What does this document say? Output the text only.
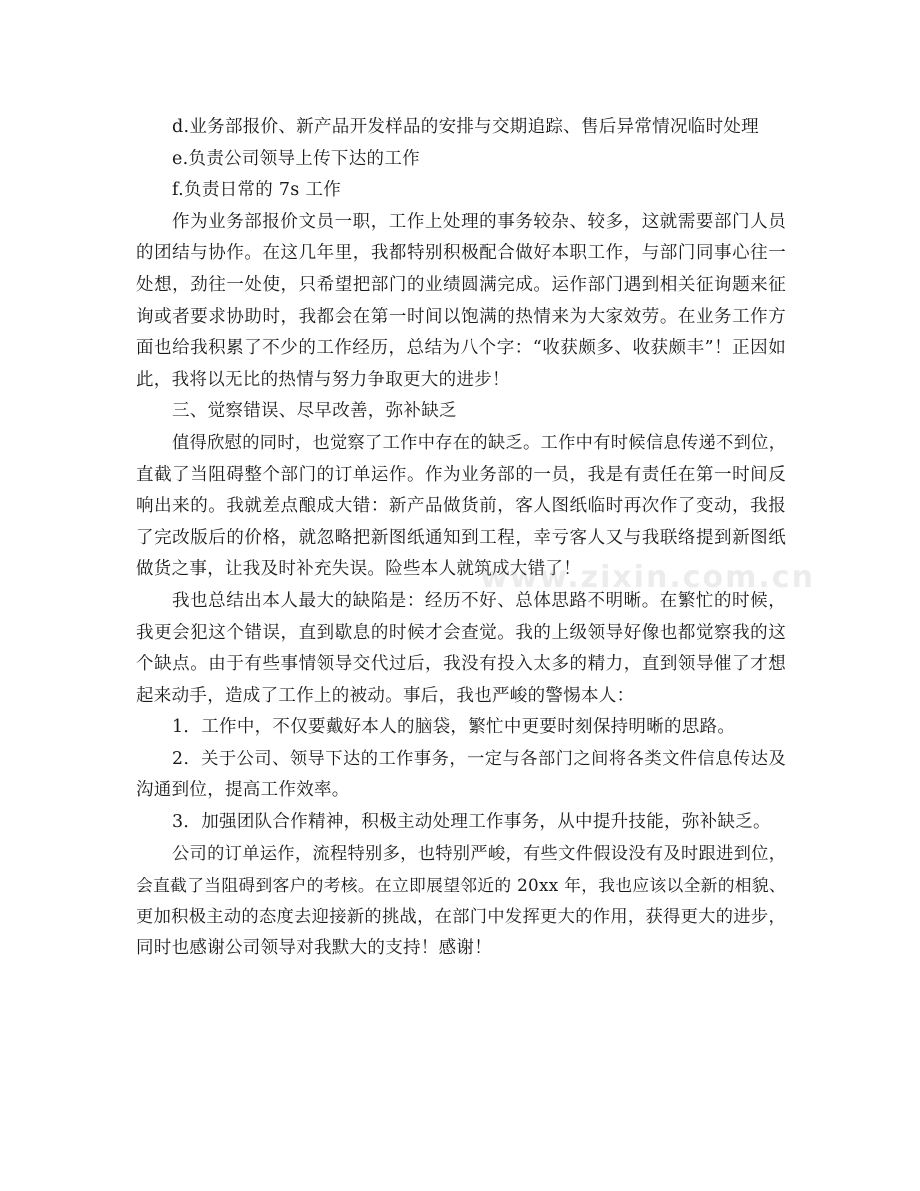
d.业务部报价、新产品开发样品的安排与交期追踪、售后异常情况临时处理
e.负责公司领导上传下达的工作
f.负责日常的 7s 工作
作为业务部报价文员一职，工作上处理的事务较杂、较多，这就需要部门人员
的团结与协作。在这几年里，我都特别积极配合做好本职工作，与部门同事心往一
处想，劲往一处使，只希望把部门的业绩圆满完成。运作部门遇到相关征询题来征
询或者要求协助时，我都会在第一时间以饱满的热情来为大家效劳。在业务工作方
面也给我积累了不少的工作经历，总结为八个字：“收获颇多、收获颇丰”！正因如
此，我将以无比的热情与努力争取更大的进步！
三、觉察错误、尽早改善，弥补缺乏
值得欣慰的同时，也觉察了工作中存在的缺乏。工作中有时候信息传递不到位，
直截了当阻碍整个部门的订单运作。作为业务部的一员，我是有责任在第一时间反
响出来的。我就差点酿成大错：新产品做货前，客人图纸临时再次作了变动，我报
了完改版后的价格，就忽略把新图纸通知到工程，幸亏客人又与我联络提到新图纸
做货之事，让我及时补充失误。险些本人就筑成大错了！
我也总结出本人最大的缺陷是：经历不好、总体思路不明晰。在繁忙的时候，
我更会犯这个错误，直到歇息的时候才会查觉。我的上级领导好像也都觉察我的这
个缺点。由于有些事情领导交代过后，我没有投入太多的精力，直到领导催了才想
起来动手，造成了工作上的被动。事后，我也严峻的警惕本人：
1．工作中，不仅要戴好本人的脑袋，繁忙中更要时刻保持明晰的思路。
2．关于公司、领导下达的工作事务，一定与各部门之间将各类文件信息传达及
沟通到位，提高工作效率。
3．加强团队合作精神，积极主动处理工作事务，从中提升技能，弥补缺乏。
公司的订单运作，流程特别多，也特别严峻，有些文件假设没有及时跟进到位，
会直截了当阻碍到客户的考核。在立即展望邻近的 20xx 年，我也应该以全新的相貌、
更加积极主动的态度去迎接新的挑战，在部门中发挥更大的作用，获得更大的进步，
同时也感谢公司领导对我默大的支持！感谢！
www.zixin.com.cn
